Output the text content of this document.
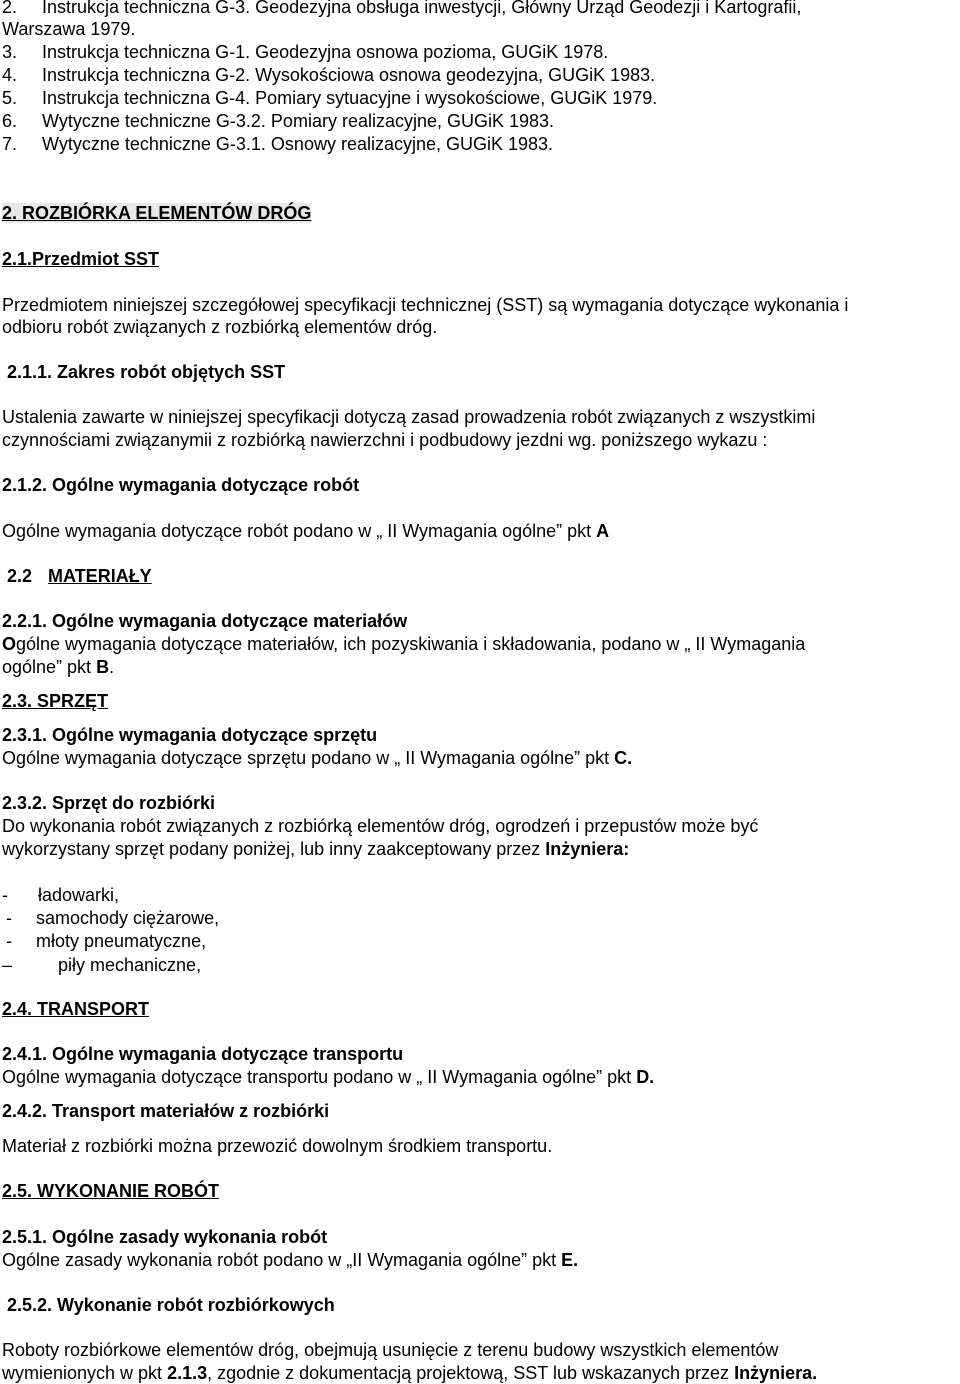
2. Instrukcja techniczna G-3. Geodezyjna obsługa inwestycji, Główny Urząd Geodezji i Kartografii,
Warszawa 1979.
3. Instrukcja techniczna G-1. Geodezyjna osnowa pozioma, GUGiK 1978.
4. Instrukcja techniczna G-2. Wysokościowa osnowa geodezyjna, GUGiK 1983.
5. Instrukcja techniczna G-4. Pomiary sytuacyjne i wysokościowe, GUGiK 1979.
6. Wytyczne techniczne G-3.2. Pomiary realizacyjne, GUGiK 1983.
7. Wytyczne techniczne G-3.1. Osnowy realizacyjne, GUGiK 1983.
2. ROZBIÓRKA ELEMENTÓW DRÓG
2.1.Przedmiot SST
Przedmiotem niniejszej szczegółowej specyfikacji technicznej (SST) są wymagania dotyczące wykonania i
odbioru robót związanych z rozbiórką elementów dróg.
2.1.1. Zakres robót objętych SST
Ustalenia zawarte w niniejszej specyfikacji dotyczą zasad prowadzenia robót związanych z wszystkimi
czynnościami związanymii z rozbiórką nawierzchni i podbudowy jezdni wg. poniższego wykazu :
2.1.2. Ogólne wymagania dotyczące robót
Ogólne wymagania dotyczące robót podano w „ II Wymagania ogólne” pkt A
2.2 MATERIAŁY
2.2.1. Ogólne wymagania dotyczące materiałów
Ogólne wymagania dotyczące materiałów, ich pozyskiwania i składowania, podano w „ II Wymagania
ogólne” pkt B.
2.3. SPRZĘT
2.3.1. Ogólne wymagania dotyczące sprzętu
Ogólne wymagania dotyczące sprzętu podano w „ II Wymagania ogólne” pkt C.
2.3.2. Sprzęt do rozbiórki
Do wykonania robót związanych z rozbiórką elementów dróg, ogrodzeń i przepustów może być
wykorzystany sprzęt podany poniżej, lub inny zaakceptowany przez Inżyniera:
- ładowarki,
- samochody ciężarowe,
- młoty pneumatyczne,
–	piły mechaniczne,
2.4. TRANSPORT
2.4.1. Ogólne wymagania dotyczące transportu
Ogólne wymagania dotyczące transportu podano w „ II Wymagania ogólne” pkt D.
2.4.2. Transport materiałów z rozbiórki
Materiał z rozbiórki można przewozić dowolnym środkiem transportu.
2.5. WYKONANIE ROBÓT
2.5.1. Ogólne zasady wykonania robót
Ogólne zasady wykonania robót podano w „II Wymagania ogólne” pkt E.
2.5.2. Wykonanie robót rozbiórkowych
Roboty rozbiórkowe elementów dróg, obejmują usunięcie z terenu budowy wszystkich elementów
wymienionych w pkt 2.1.3, zgodnie z dokumentacją projektową, SST lub wskazanych przez Inżyniera.
